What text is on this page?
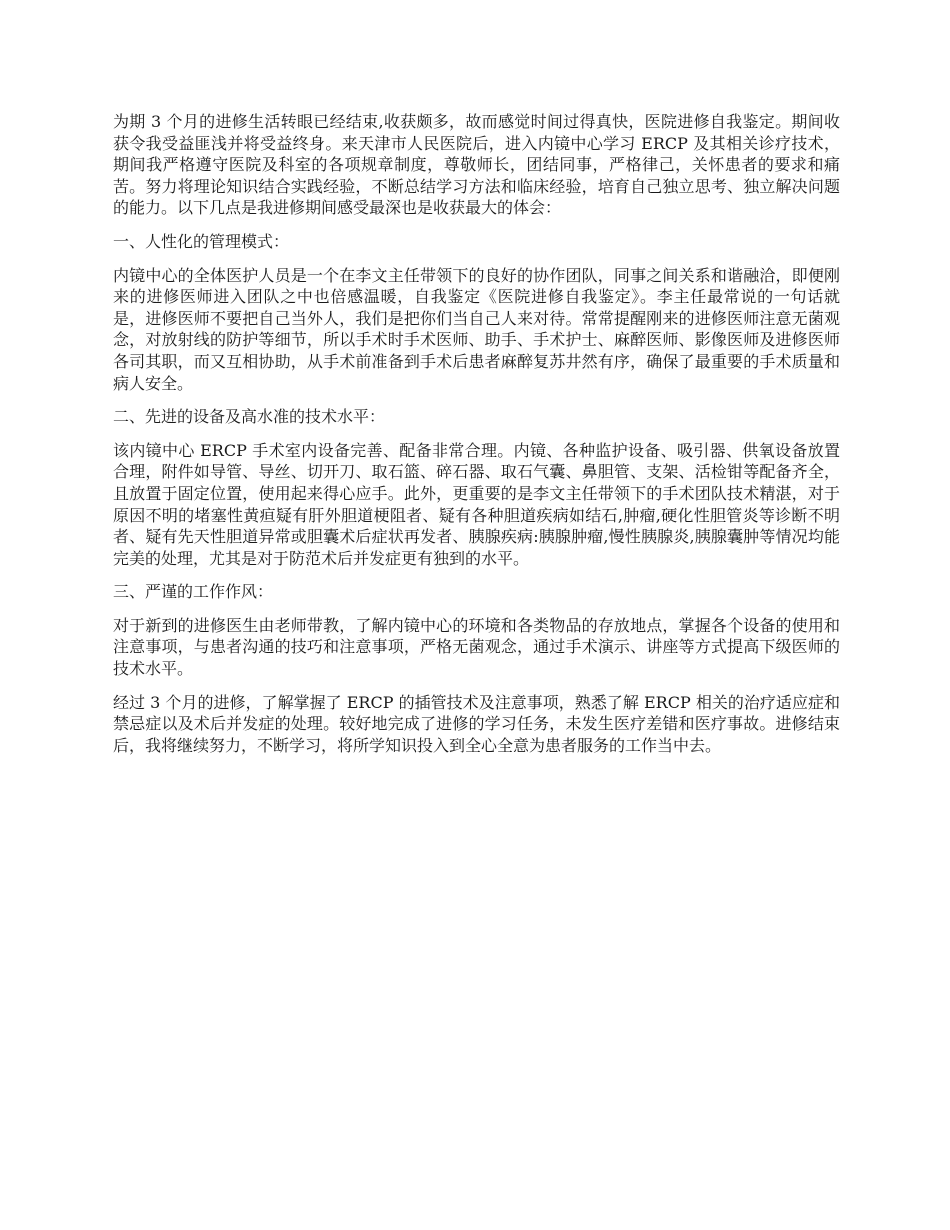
为期 3 个月的进修生活转眼已经结束,收获颇多，故而感觉时间过得真快，医院进修自我鉴定。期间收获令我受益匪浅并将受益终身。来天津市人民医院后，进入内镜中心学习 ERCP 及其相关诊疗技术，期间我严格遵守医院及科室的各项规章制度，尊敬师长，团结同事，严格律己，关怀患者的要求和痛苦。努力将理论知识结合实践经验，不断总结学习方法和临床经验，培育自己独立思考、独立解决问题的能力。以下几点是我进修期间感受最深也是收获最大的体会：

一、人性化的管理模式：

内镜中心的全体医护人员是一个在李文主任带领下的良好的协作团队，同事之间关系和谐融洽，即便刚来的进修医师进入团队之中也倍感温暖，自我鉴定《医院进修自我鉴定》。李主任最常说的一句话就是，进修医师不要把自己当外人，我们是把你们当自己人来对待。常常提醒刚来的进修医师注意无菌观念，对放射线的防护等细节，所以手术时手术医师、助手、手术护士、麻醉医师、影像医师及进修医师各司其职，而又互相协助，从手术前准备到手术后患者麻醉复苏井然有序，确保了最重要的手术质量和病人安全。

二、先进的设备及高水准的技术水平：

该内镜中心 ERCP 手术室内设备完善、配备非常合理。内镜、各种监护设备、吸引器、供氧设备放置合理，附件如导管、导丝、切开刀、取石篮、碎石器、取石气囊、鼻胆管、支架、活检钳等配备齐全，且放置于固定位置，使用起来得心应手。此外，更重要的是李文主任带领下的手术团队技术精湛，对于原因不明的堵塞性黄疸疑有肝外胆道梗阻者、疑有各种胆道疾病如结石,肿瘤,硬化性胆管炎等诊断不明者、疑有先天性胆道异常或胆囊术后症状再发者、胰腺疾病:胰腺肿瘤,慢性胰腺炎,胰腺囊肿等情况均能完美的处理，尤其是对于防范术后并发症更有独到的水平。

三、严谨的工作作风：

对于新到的进修医生由老师带教，了解内镜中心的环境和各类物品的存放地点，掌握各个设备的使用和注意事项，与患者沟通的技巧和注意事项，严格无菌观念，通过手术演示、讲座等方式提高下级医师的技术水平。

经过 3 个月的进修，了解掌握了 ERCP 的插管技术及注意事项，熟悉了解 ERCP 相关的治疗适应症和禁忌症以及术后并发症的处理。较好地完成了进修的学习任务，未发生医疗差错和医疗事故。进修结束后，我将继续努力，不断学习，将所学知识投入到全心全意为患者服务的工作当中去。
